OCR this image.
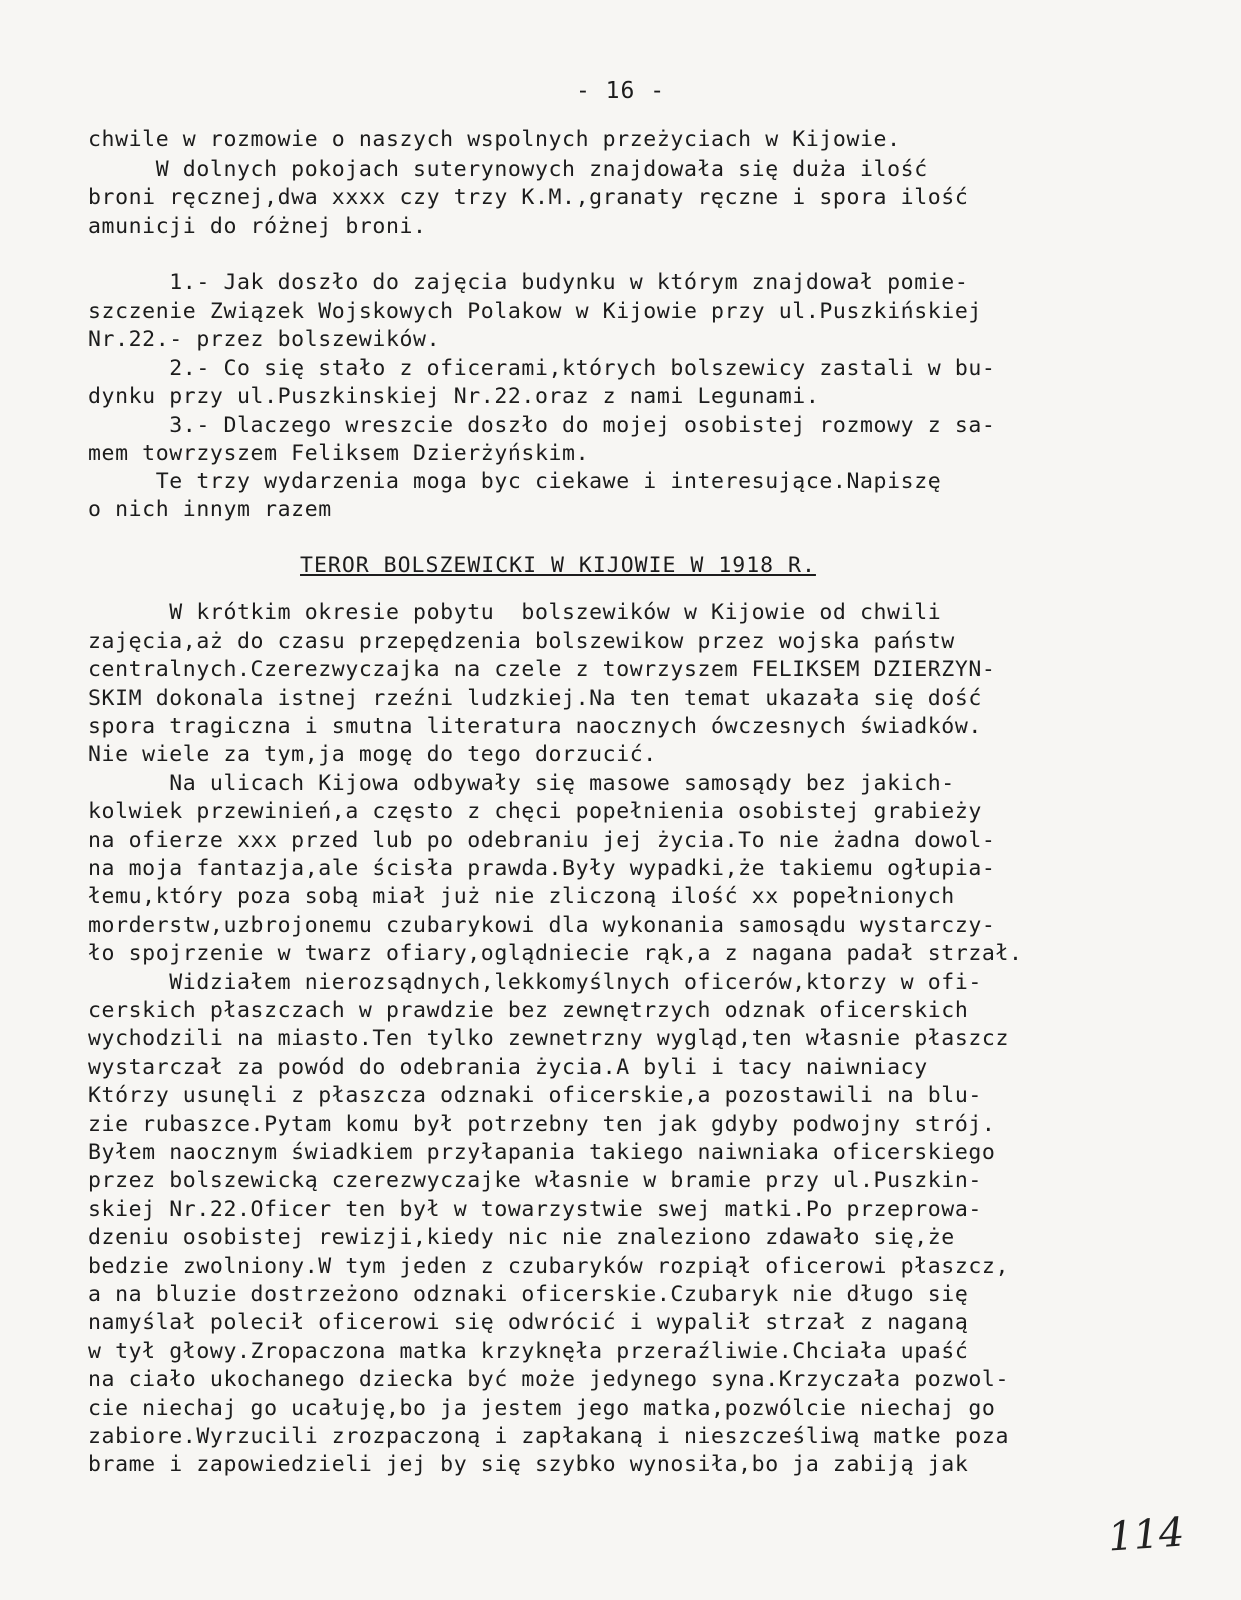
- 16 -
chwile w rozmowie o naszych wspolnych przeżyciach w Kijowie.
W dolnych pokojach suterynowych znajdowała się duża ilość
broni ręcznej,dwa xxxx czy trzy K.M.,granaty ręczne i spora ilość
amunicji do różnej broni.
1.- Jak doszło do zajęcia budynku w którym znajdował pomie-
szczenie Związek Wojskowych Polakow w Kijowie przy ul.Puszkińskiej
Nr.22.- przez bolszewików.
2.- Co się stało z oficerami,których bolszewicy zastali w bu-
dynku przy ul.Puszkinskiej Nr.22.oraz z nami Legunami.
3.- Dlaczego wreszcie doszło do mojej osobistej rozmowy z sa-
mem towrzyszem Feliksem Dzierżyńskim.
Te trzy wydarzenia moga byc ciekawe i interesujące.Napiszę
o nich innym razem
TEROR BOLSZEWICKI W KIJOWIE W 1918 R.
W krótkim okresie pobytu  bolszewików w Kijowie od chwili
zajęcia,aż do czasu przepędzenia bolszewikow przez wojska państw
centralnych.Czerezwyczajka na czele z towrzyszem FELIKSEM DZIERZYN-
SKIM dokonala istnej rzeźni ludzkiej.Na ten temat ukazała się dość
spora tragiczna i smutna literatura naocznych ówczesnych świadków.
Nie wiele za tym,ja mogę do tego dorzucić.
Na ulicach Kijowa odbywały się masowe samosądy bez jakich-
kolwiek przewinień,a często z chęci popełnienia osobistej grabieży
na ofierze xxx przed lub po odebraniu jej życia.To nie żadna dowol-
na moja fantazja,ale ścisła prawda.Były wypadki,że takiemu ogłupia-
łemu,który poza sobą miał już nie zliczoną ilość xx popełnionych
morderstw,uzbrojonemu czubarykowi dla wykonania samosądu wystarczy-
ło spojrzenie w twarz ofiary,oglądniecie rąk,a z nagana padał strzał.
Widziałem nierozsądnych,lekkomyślnych oficerów,ktorzy w ofi-
cerskich płaszczach w prawdzie bez zewnętrzych odznak oficerskich
wychodzili na miasto.Ten tylko zewnetrzny wygląd,ten własnie płaszcz
wystarczał za powód do odebrania życia.A byli i tacy naiwniacy
Którzy usunęli z płaszcza odznaki oficerskie,a pozostawili na blu-
zie rubaszce.Pytam komu był potrzebny ten jak gdyby podwojny strój.
Byłem naocznym świadkiem przyłapania takiego naiwniaka oficerskiego
przez bolszewicką czerezwyczajke własnie w bramie przy ul.Puszkin-
skiej Nr.22.Oficer ten był w towarzystwie swej matki.Po przeprowa-
dzeniu osobistej rewizji,kiedy nic nie znaleziono zdawało się,że
bedzie zwolniony.W tym jeden z czubaryków rozpiął oficerowi płaszcz,
a na bluzie dostrzeżono odznaki oficerskie.Czubaryk nie długo się
namyślał polecił oficerowi się odwrócić i wypalił strzał z naganą
w tył głowy.Zropaczona matka krzyknęła przeraźliwie.Chciała upaść
na ciało ukochanego dziecka być może jedynego syna.Krzyczała pozwol-
cie niechaj go ucałuję,bo ja jestem jego matka,pozwólcie niechaj go
zabiore.Wyrzucili zrozpaczoną i zapłakaną i nieszcześliwą matke poza
brame i zapowiedzieli jej by się szybko wynosiła,bo ja zabiją jak
114
